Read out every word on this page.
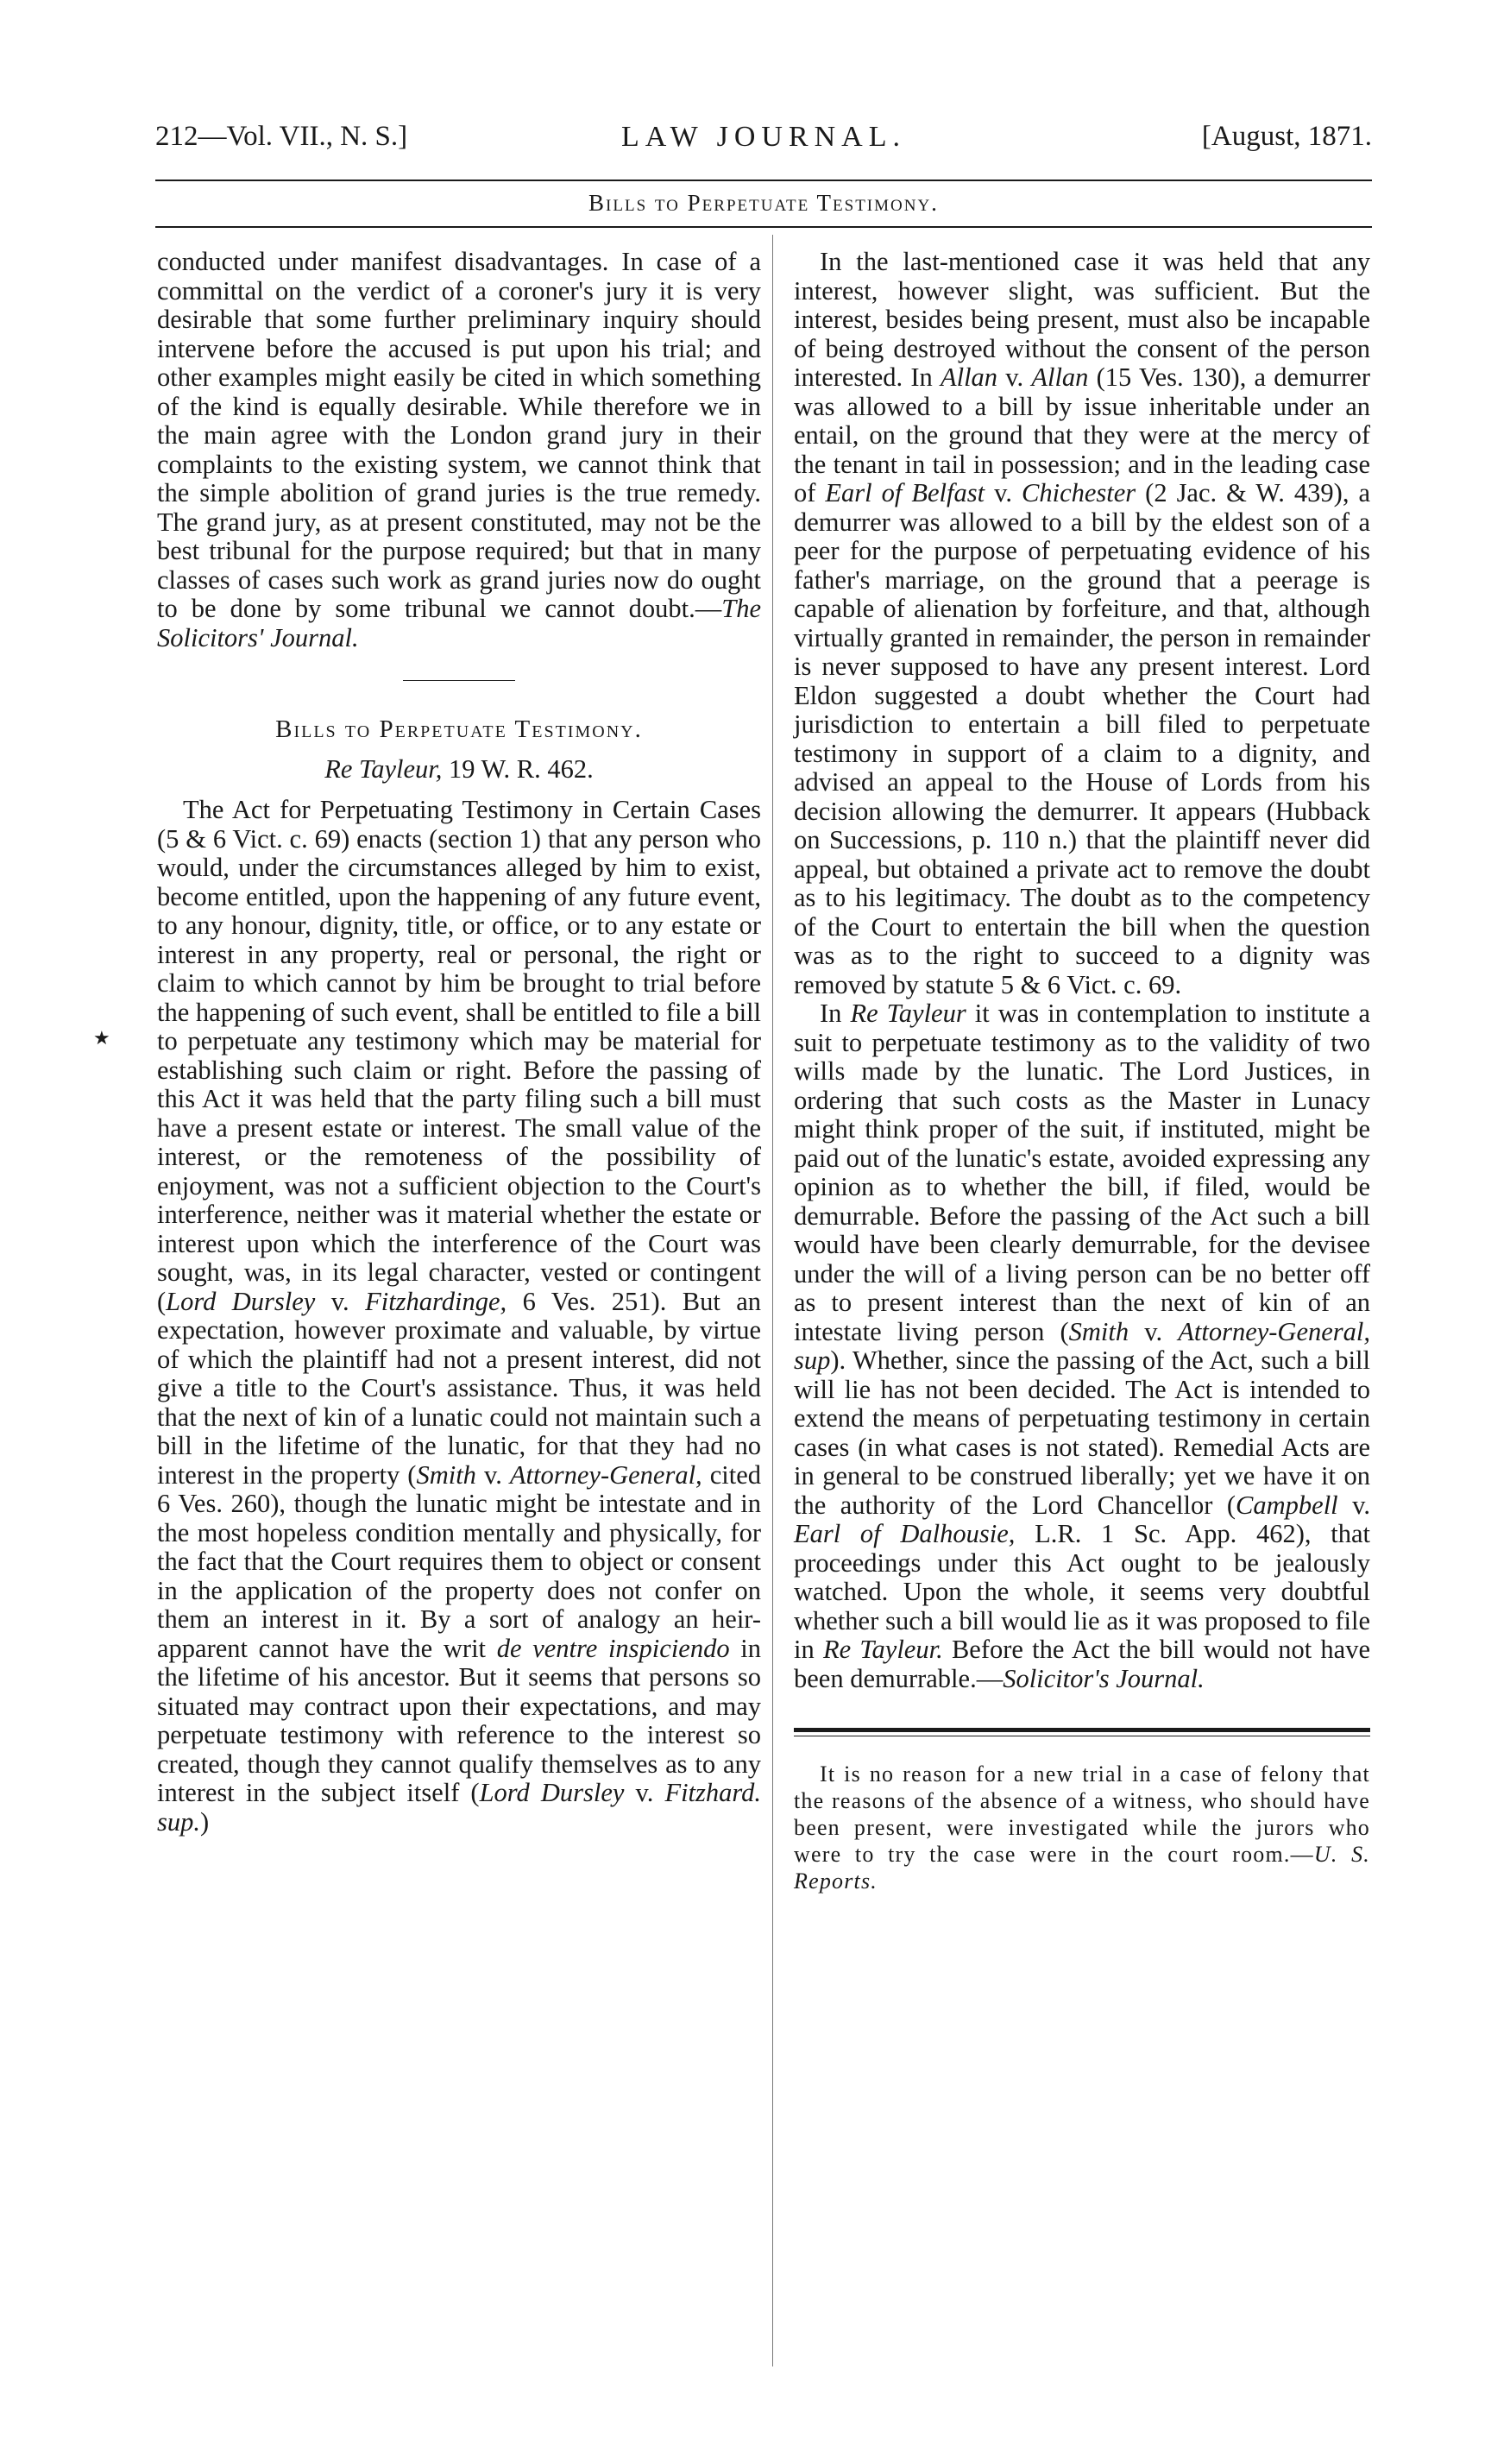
212—Vol. VII., N. S.]	LAW JOURNAL.	[August, 1871.
Bills to Perpetuate Testimony.
★

conducted under manifest disadvantages. In case of a committal on the verdict of a coroner's jury it is very desirable that some further preliminary inquiry should intervene before the accused is put upon his trial; and other examples might easily be cited in which something of the kind is equally desirable. While therefore we in the main agree with the London grand jury in their complaints to the existing system, we cannot think that the simple abolition of grand juries is the true remedy. The grand jury, as at present constituted, may not be the best tribunal for the purpose required; but that in many classes of cases such work as grand juries now do ought to be done by some tribunal we cannot doubt.—The Solicitors' Journal.

Bills to Perpetuate Testimony.
Re Tayleur, 19 W. R. 462.

The Act for Perpetuating Testimony in Certain Cases (5 & 6 Vict. c. 69) enacts (section 1) that any person who would, under the circumstances alleged by him to exist, become entitled, upon the happening of any future event, to any honour, dignity, title, or office, or to any estate or interest in any property, real or personal, the right or claim to which cannot by him be brought to trial before the happening of such event, shall be entitled to file a bill to perpetuate any testimony which may be material for establishing such claim or right. Before the passing of this Act it was held that the party filing such a bill must have a present estate or interest. The small value of the interest, or the remoteness of the possibility of enjoyment, was not a sufficient objection to the Court's interference, neither was it material whether the estate or interest upon which the interference of the Court was sought, was, in its legal character, vested or contingent (Lord Dursley v. Fitzhardinge, 6 Ves. 251). But an expectation, however proximate and valuable, by virtue of which the plaintiff had not a present interest, did not give a title to the Court's assistance. Thus, it was held that the next of kin of a lunatic could not maintain such a bill in the lifetime of the lunatic, for that they had no interest in the property (Smith v. Attorney-General, cited 6 Ves. 260), though the lunatic might be intestate and in the most hopeless condition mentally and physically, for the fact that the Court requires them to object or consent in the application of the property does not confer on them an interest in it. By a sort of analogy an heir-apparent cannot have the writ de ventre inspiciendo in the lifetime of his ancestor. But it seems that persons so situated may contract upon their expectations, and may perpetuate testimony with reference to the interest so created, though they cannot qualify themselves as to any interest in the subject itself (Lord Dursley v. Fitzhard. sup.)

In the last-mentioned case it was held that any interest, however slight, was sufficient. But the interest, besides being present, must also be incapable of being destroyed without the consent of the person interested. In Allan v. Allan (15 Ves. 130), a demurrer was allowed to a bill by issue inheritable under an entail, on the ground that they were at the mercy of the tenant in tail in possession; and in the leading case of Earl of Belfast v. Chichester (2 Jac. & W. 439), a demurrer was allowed to a bill by the eldest son of a peer for the purpose of perpetuating evidence of his father's marriage, on the ground that a peerage is capable of alienation by forfeiture, and that, although virtually granted in remainder, the person in remainder is never supposed to have any present interest. Lord Eldon suggested a doubt whether the Court had jurisdiction to entertain a bill filed to perpetuate testimony in support of a claim to a dignity, and advised an appeal to the House of Lords from his decision allowing the demurrer. It appears (Hubback on Successions, p. 110 n.) that the plaintiff never did appeal, but obtained a private act to remove the doubt as to his legitimacy. The doubt as to the competency of the Court to entertain the bill when the question was as to the right to succeed to a dignity was removed by statute 5 & 6 Vict. c. 69.

In Re Tayleur it was in contemplation to institute a suit to perpetuate testimony as to the validity of two wills made by the lunatic. The Lord Justices, in ordering that such costs as the Master in Lunacy might think proper of the suit, if instituted, might be paid out of the lunatic's estate, avoided expressing any opinion as to whether the bill, if filed, would be demurrable. Before the passing of the Act such a bill would have been clearly demurrable, for the devisee under the will of a living person can be no better off as to present interest than the next of kin of an intestate living person (Smith v. Attorney-General, sup). Whether, since the passing of the Act, such a bill will lie has not been decided. The Act is intended to extend the means of perpetuating testimony in certain cases (in what cases is not stated). Remedial Acts are in general to be construed liberally; yet we have it on the authority of the Lord Chancellor (Campbell v. Earl of Dalhousie, L.R. 1 Sc. App. 462), that proceedings under this Act ought to be jealously watched. Upon the whole, it seems very doubtful whether such a bill would lie as it was proposed to file in Re Tayleur. Before the Act the bill would not have been demurrable.—Solicitor's Journal.

It is no reason for a new trial in a case of felony that the reasons of the absence of a witness, who should have been present, were investigated while the jurors who were to try the case were in the court room.—U. S. Reports.
